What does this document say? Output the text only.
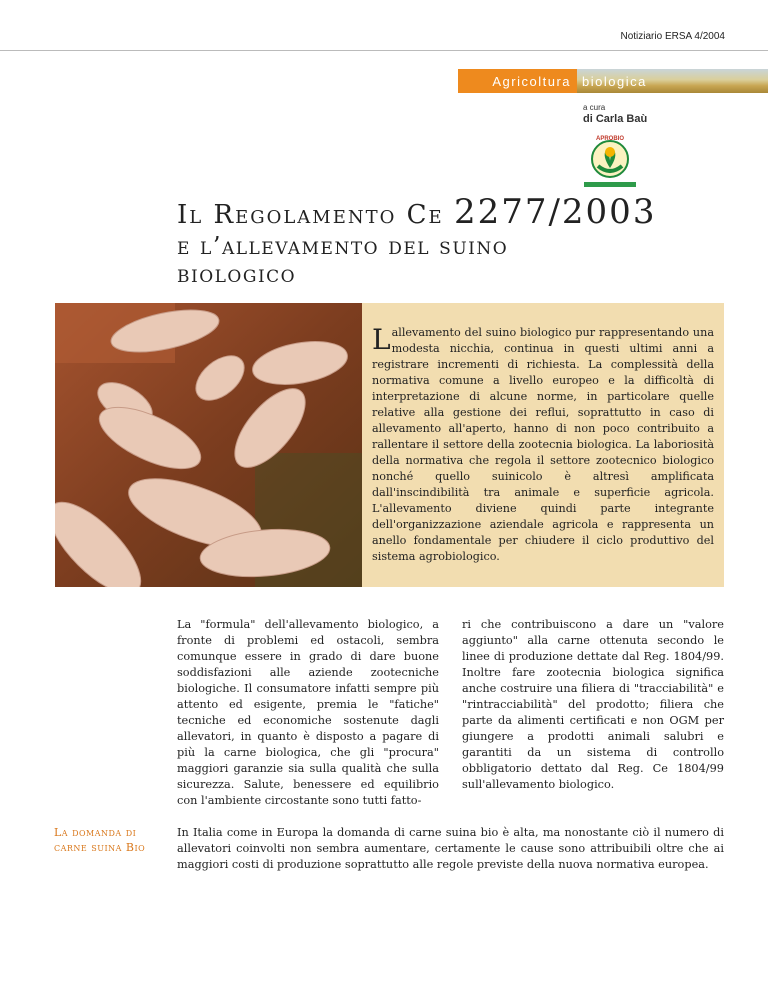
Notiziario ERSA 4/2004
Agricoltura biologica
a cura
di Carla Baù
APROBIO
Il Regolamento Ce 2277/2003
e l’allevamento del suino
biologico

Lallevamento del suino biologico pur rappresentando una modesta nicchia, continua in questi ultimi anni a registrare incrementi di richiesta. La complessità della normativa comune a livello europeo e la difficoltà di interpretazione di alcune norme, in particolare quelle relative alla gestione dei reflui, soprattutto in caso di allevamento all'aperto, hanno di non poco contribuito a rallentare il settore della zootecnia biologica. La laboriosità della normativa che regola il settore zootecnico biologico nonché quello suinicolo è altresì amplificata dall'inscindibilità tra animale e superficie agricola. L'allevamento diviene quindi parte integrante dell'organizzazione aziendale agricola e rappresenta un anello fondamentale per chiudere il ciclo produttivo del sistema agrobiologico.

La "formula" dell'allevamento biologico, a fronte di problemi ed ostacoli, sembra comunque essere in grado di dare buone soddisfazioni alle aziende zootecniche biologiche. Il consumatore infatti sempre più attento ed esigente, premia le "fatiche" tecniche ed economiche sostenute dagli allevatori, in quanto è disposto a pagare di più la carne biologica, che gli "procura" maggiori garanzie sia sulla qualità che sulla sicurezza. Salute, benessere ed equilibrio con l'ambiente circostante sono tutti fatto-
ri che contribuiscono a dare un "valore aggiunto" alla carne ottenuta secondo le linee di produzione dettate dal Reg. 1804/99. Inoltre fare zootecnia biologica significa anche costruire una filiera di "tracciabilità" e "rintracciabilità" del prodotto; filiera che parte da alimenti certificati e non OGM per giungere a prodotti animali salubri e garantiti da un sistema di controllo obbligatorio dettato dal Reg. Ce 1804/99 sull'allevamento biologico.
La domanda di carne suina Bio
In Italia come in Europa la domanda di carne suina bio è alta, ma nonostante ciò il numero di allevatori coinvolti non sembra aumentare, certamente le cause sono attribuibili oltre che ai maggiori costi di produzione soprattutto alle regole previste della nuova normativa europea.
